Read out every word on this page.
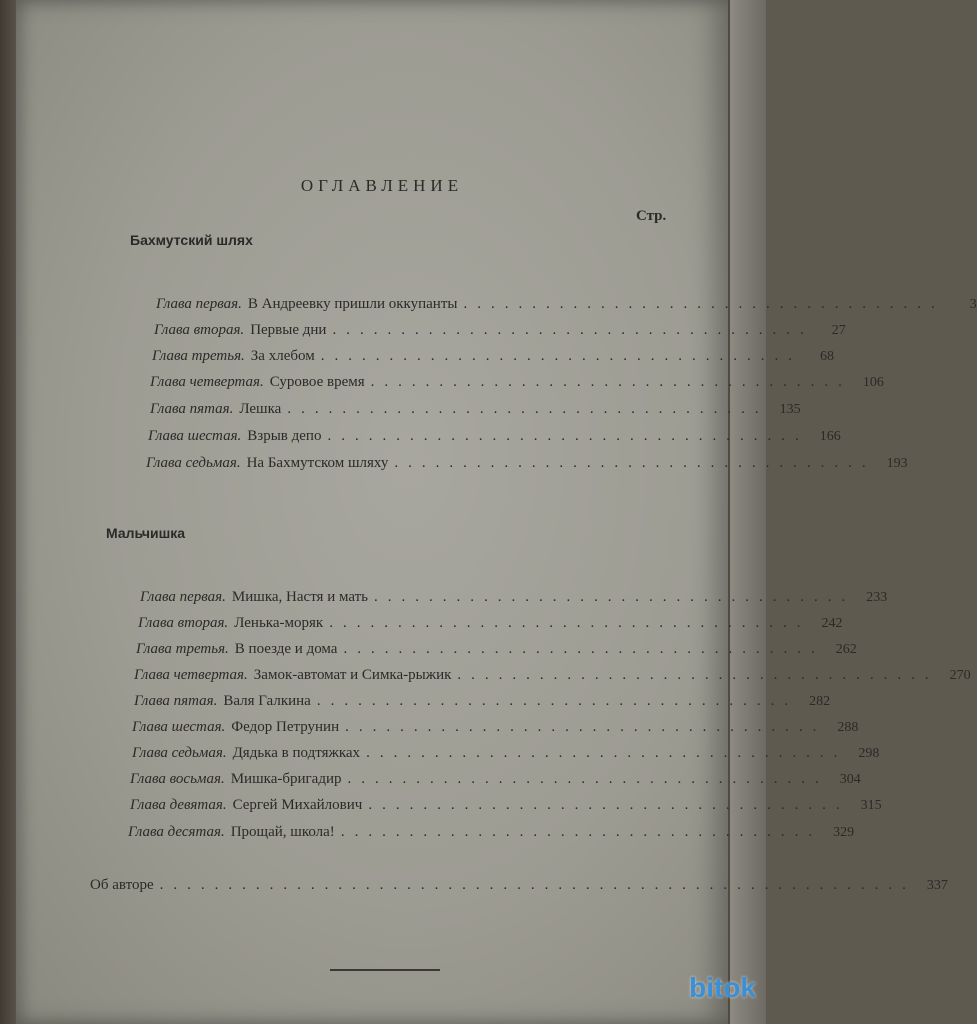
ОГЛАВЛЕНИЕ
Стр.
Бахмутский шлях
Глава первая. В Андреевку пришли оккупанты ...................................	3
Глава вторая. Первые дни ...................................	27
Глава третья. За хлебом ...................................	68
Глава четвертая. Суровое время ................................... 106
Глава пятая. Лешка ................................... 135
Глава шестая. Взрыв депо ................................... 166
Глава седьмая. На Бахмутском шляху ................................... 193
Мальчишка
Глава первая. Мишка, Настя и мать ................................... 233
Глава вторая. Ленька-моряк ................................... 242
Глава третья. В поезде и дома ................................... 262
Глава четвертая. Замок-автомат и Симка-рыжик ................................... 270
Глава пятая. Валя Галкина ................................... 282
Глава шестая. Федор Петрунин ................................... 288
Глава седьмая. Дядька в подтяжках ................................... 298
Глава восьмая. Мишка-бригадир ................................... 304
Глава девятая. Сергей Михайлович ................................... 315
Глава десятая. Прощай, школа! ................................... 329
Об авторе ....................................................... 337
bitok
